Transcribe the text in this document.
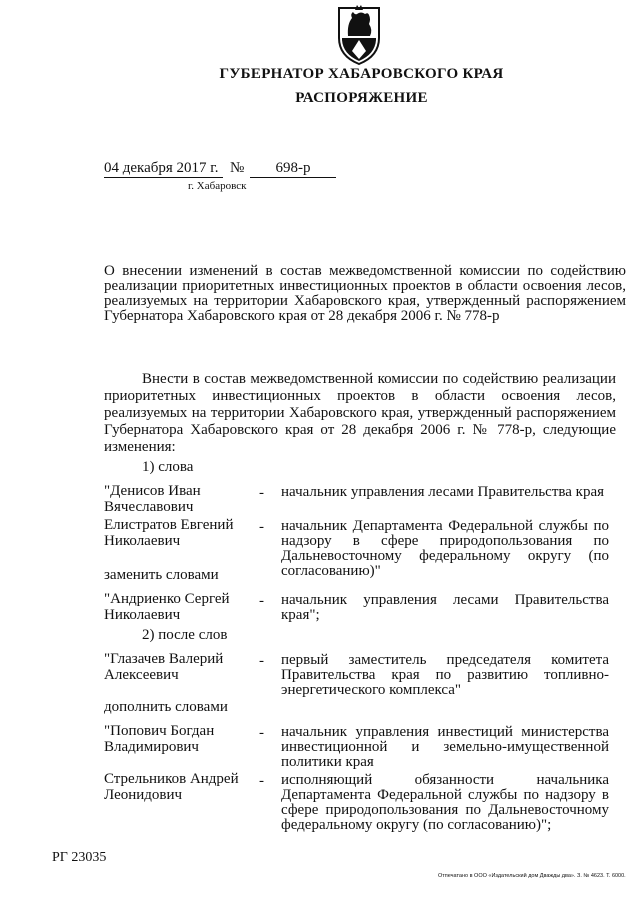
ГУБЕРНАТОР ХАБАРОВСКОГО КРАЯ
РАСПОРЯЖЕНИЕ
04 декабря 2017 г. №	698-р
г. Хабаровск
О внесении изменений в состав межведомственной комиссии по содействию реализации приоритетных инвестиционных проектов в области освоения лесов, реализуемых на территории Хабаровского края, утвержденный распоряжением Губернатора Хабаровского края от 28 декабря 2006 г. № 778-р
Внести в состав межведомственной комиссии по содействию реализации приоритетных инвестиционных проектов в области освоения лесов, реализуемых на территории Хабаровского края, утвержденный распоряжением Губернатора Хабаровского края от 28 декабря 2006 г. № 778-р, следующие изменения:
1) слова
"Денисов Иван Вячеславович
- начальник управления лесами Правительства края
Елистратов Евгений Николаевич
- начальник Департамента Федеральной службы по надзору в сфере природопользования по Дальневосточному федеральному округу (по согласованию)"
заменить словами
"Андриенко Сергей Николаевич
- начальник управления лесами Правительства края";
2) после слов
"Глазачев Валерий Алексеевич
- первый заместитель председателя комитета Правительства края по развитию топливно-энергетического комплекса"
дополнить словами
"Попович Богдан Владимирович
- начальник управления инвестиций министерства инвестиционной и земельно-имущественной политики края
Стрельников Андрей Леонидович
- исполняющий обязанности начальника Департамента Федеральной службы по надзору в сфере природопользования по Дальневосточному федеральному округу (по согласованию)";
РГ 23035
Отпечатано в ООО «Издательский дом Дважды два». З. № 4623. Т. 6000.
